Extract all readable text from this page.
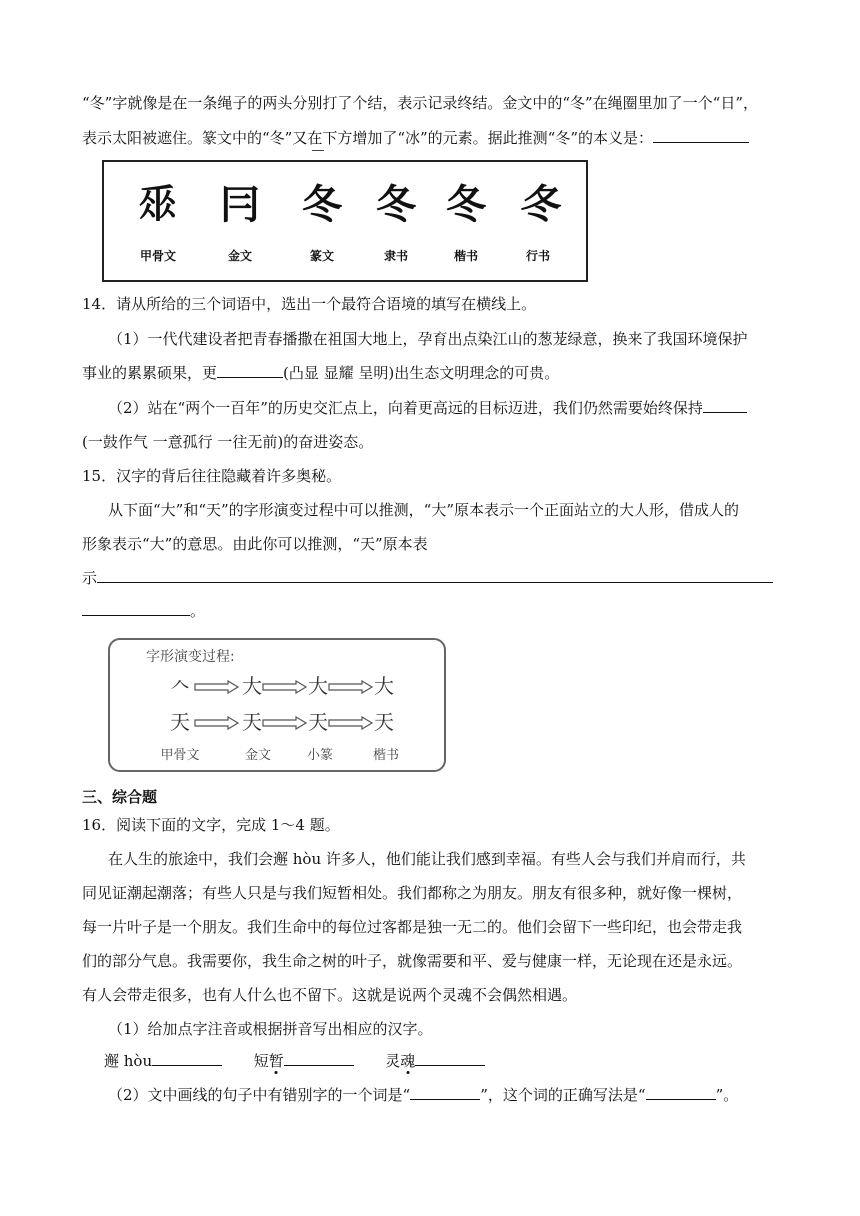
“冬”字就像是在一条绳子的两头分别打了个结，表示记录终结。金文中的“冬”在绳圈里加了一个“日”，
表示太阳被遮住。篆文中的“冬”又在下方增加了“冰”的元素。据此推测“冬”的本义是：
𠂹 冃 冬 冬 冬 冬
甲骨文	金文	篆文	隶书	楷书	行书
14．请从所给的三个词语中，选出一个最符合语境的填写在横线上。
（1）一代代建设者把青春播撒在祖国大地上，孕育出点染江山的葱茏绿意，换来了我国环境保护
事业的累累硕果，更	(凸显 显耀 呈明)出生态文明理念的可贵。
（2）站在“两个一百年”的历史交汇点上，向着更高远的目标迈进，我们仍然需要始终保持
(一鼓作气 一意孤行 一往无前)的奋进姿态。
15．汉字的背后往往隐藏着许多奥秘。
从下面“大”和“天”的字形演变过程中可以推测，“大”原本表示一个正面站立的大人形，借成人的
形象表示“大”的意思。由此你可以推测，“天”原本表
示
。
字形演变过程:
𠆢	大 大 大
天	天 天 天
甲骨文	金文	小篆	楷书
三、综合题
16．阅读下面的文字，完成 1～4 题。
在人生的旅途中，我们会邂 hòu 许多人，他们能让我们感到幸福。有些人会与我们并肩而行，共
同见证潮起潮落；有些人只是与我们短暂相处。我们都称之为朋友。朋友有很多种，就好像一棵树，
每一片叶子是一个朋友。我们生命中的每位过客都是独一无二的。他们会留下一些印纪，也会带走我
们的部分气息。我需要你，我生命之树的叶子，就像需要和平、爱与健康一样，无论现在还是永远。
有人会带走很多，也有人什么也不留下。这就是说两个灵魂不会偶然相遇。
（1）给加点字注音或根据拼音写出相应的汉字。
邂 hòu	短暂	灵魂
（2）文中画线的句子中有错别字的一个词是“	”，这个词的正确写法是“	”。
